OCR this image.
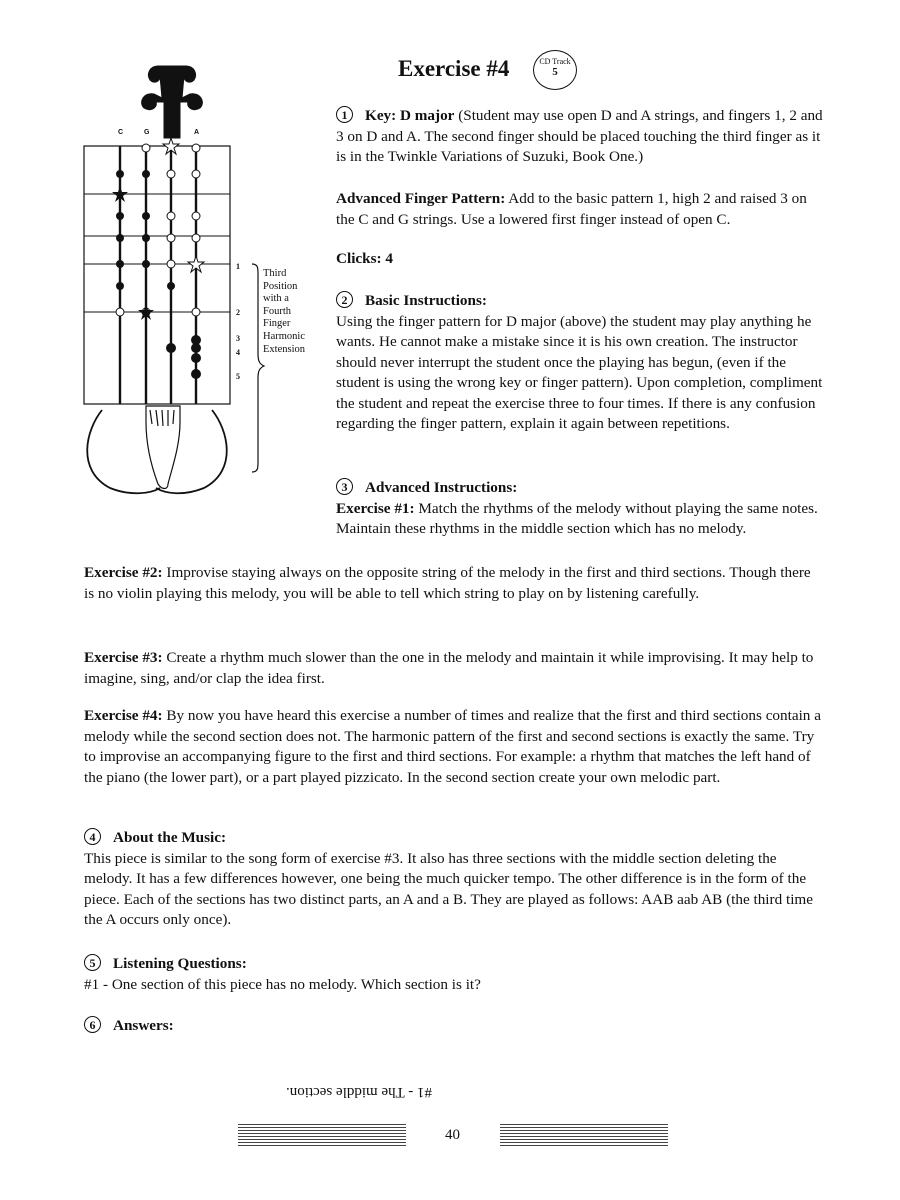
Exercise #4	CD Track
5
C	G	D	A
1
2
3
4
5
Third
Position
with a
Fourth
Finger
Harmonic
Extension
1 Key: D major (Student may use open D and A strings, and fingers 1, 2 and 3 on D and A. The second finger should be placed touching the third finger as it is in the Twinkle Variations of Suzuki, Book One.)
Advanced Finger Pattern: Add to the basic pattern 1, high 2 and raised 3 on the C and G strings. Use a lowered first finger instead of open C.
Clicks: 4
2 Basic Instructions:
Using the finger pattern for D major (above) the student may play anything he wants. He cannot make a mistake since it is his own creation. The instructor should never interrupt the student once the playing has begun, (even if the student is using the wrong key or finger pattern). Upon completion, compliment the student and repeat the exercise three to four times. If there is any confusion regarding the finger pattern, explain it again between repetitions.
3 Advanced Instructions:
Exercise #1: Match the rhythms of the melody without playing the same notes. Maintain these rhythms in the middle section which has no melody.
Exercise #2: Improvise staying always on the opposite string of the melody in the first and third sections. Though there is no violin playing this melody, you will be able to tell which string to play on by listening carefully.
Exercise #3: Create a rhythm much slower than the one in the melody and maintain it while improvising. It may help to imagine, sing, and/or clap the idea first.
Exercise #4: By now you have heard this exercise a number of times and realize that the first and third sections contain a melody while the second section does not. The harmonic pattern of the first and second sections is exactly the same. Try to improvise an accompanying figure to the first and third sections. For example: a rhythm that matches the left hand of the piano (the lower part), or a part played pizzicato. In the second section create your own melodic part.
4 About the Music:
This piece is similar to the song form of exercise #3. It also has three sections with the middle section deleting the melody. It has a few differences however, one being the much quicker tempo. The other difference is in the form of the piece. Each of the sections has two distinct parts, an A and a B. They are played as follows: AAB aab AB (the third time the A occurs only once).
5 Listening Questions:
#1 - One section of this piece has no melody. Which section is it?
6 Answers:
#1 - The middle section.
40
